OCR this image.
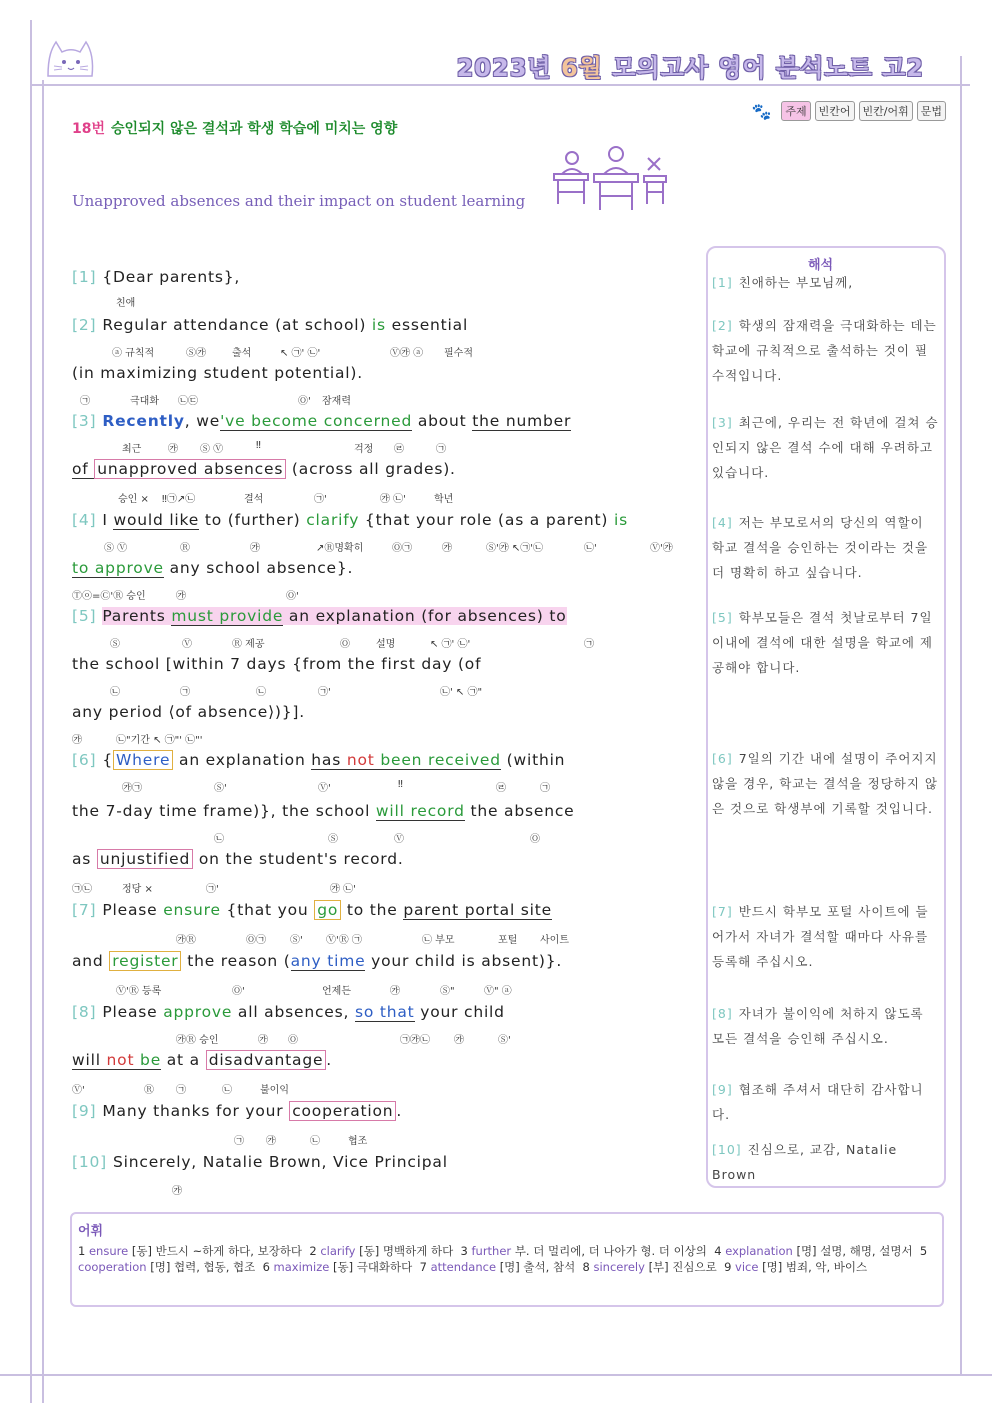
2023년 6월 모의고사 영어 분석노트 고2
🐾	주제	빈칸어	빈칸/어휘	문법
18번 승인되지 않은 결석과 학생 학습에 미치는 영향
Unapproved absences and their impact on student learning
[1] {Dear parents},
친애
[2] Regular attendance (at school) is essential
ⓐ 규칙적	Ⓢ㉮	출석	↖ ㉠' ㉡'	Ⓥ㉮ ⓐ 필수적
(in maximizing student potential).
㉠	극대화 ㉡㉢	Ⓞ' 잠재력
[3] Recently, we've become concerned about the number
최근	㉮ Ⓢ Ⓥ	‼	걱정 ㉣	㉠
of unapproved absences (across all grades).
승인 × ‼㉠↗㉡	결석	㉠'	㉮ ㉡'	학년
[4] I would like to (further) clarify {that your role (as a parent) is
Ⓢ Ⓥ	Ⓡ	㉮	↗Ⓡ명확히	Ⓞ㉠	㉮	Ⓢ'㉮ ↖㉠'㉡	㉡'	Ⓥ'㉮
to approve any school absence}.
Ⓣⓞ=Ⓒ'Ⓡ 승인	㉮	Ⓞ'
[5] Parents must provide an explanation (for absences) to
Ⓢ	Ⓥ	Ⓡ 제공	Ⓞ	설명	↖ ㉠' ㉡'	㉠
the school [within 7 days {from the first day (of
㉡	㉠	㉡	㉠'	㉡' ↖ ㉠"
any period ⟨of absence⟩)}].
㉮	㉡"기간 ↖ ㉠"' ㉡"'
[6] { Where an explanation has not been received (within
㉮㉠	Ⓢ'	Ⓥ'	‼	㉣	㉠
the 7-day time frame)}, the school will record the absence
㉡	Ⓢ	Ⓥ	Ⓞ
as unjustified on the student's record.
㉠㉡	정당 ×	㉠'	㉮ ㉡'
[7] Please ensure {that you go to the parent portal site
㉮Ⓡ	Ⓞ㉠ Ⓢ' Ⓥ'Ⓡ ㉠	㉡ 부모	포털 사이트
and register the reason (any time your child is absent)}.
Ⓥ'Ⓡ 등록	Ⓞ'	언제든	㉮	Ⓢ"	Ⓥ" ⓐ
[8] Please approve all absences, so that your child
㉮Ⓡ 승인	㉮ Ⓞ	㉠㉮㉡ ㉮	Ⓢ'
will not be at a disadvantage .
Ⓥ'	Ⓡ ㉠	㉡	불이익
[9] Many thanks for your cooperation .
㉠ ㉮	㉡	협조
[10] Sincerely, Natalie Brown, Vice Principal
㉮
해석
[1] 친애하는 부모님께,
[2] 학생의 잠재력을 극대화하는 데는 학교에 규칙적으로 출석하는 것이 필수적입니다.
[3] 최근에, 우리는 전 학년에 걸쳐 승인되지 않은 결석 수에 대해 우려하고 있습니다.
[4] 저는 부모로서의 당신의 역할이 학교 결석을 승인하는 것이라는 것을 더 명확히 하고 싶습니다.
[5] 학부모들은 결석 첫날로부터 7일 이내에 결석에 대한 설명을 학교에 제공해야 합니다.
[6] 7일의 기간 내에 설명이 주어지지 않을 경우, 학교는 결석을 정당하지 않은 것으로 학생부에 기록할 것입니다.
[7] 반드시 학부모 포털 사이트에 들어가서 자녀가 결석할 때마다 사유를 등록해 주십시오.
[8] 자녀가 불이익에 처하지 않도록 모든 결석을 승인해 주십시오.
[9] 협조해 주셔서 대단히 감사합니다.
[10] 진심으로, 교감, Natalie Brown
어휘
1 ensure [동] 반드시 ~하게 하다, 보장하다 2 clarify [동] 명백하게 하다 3 further 부. 더 멀리에, 더 나아가 형. 더 이상의 4 explanation [명] 설명, 해명, 설명서 5 cooperation [명] 협력, 협동, 협조 6 maximize [동] 극대화하다 7 attendance [명] 출석, 참석 8 sincerely [부] 진심으로 9 vice [명] 범죄, 악, 바이스
